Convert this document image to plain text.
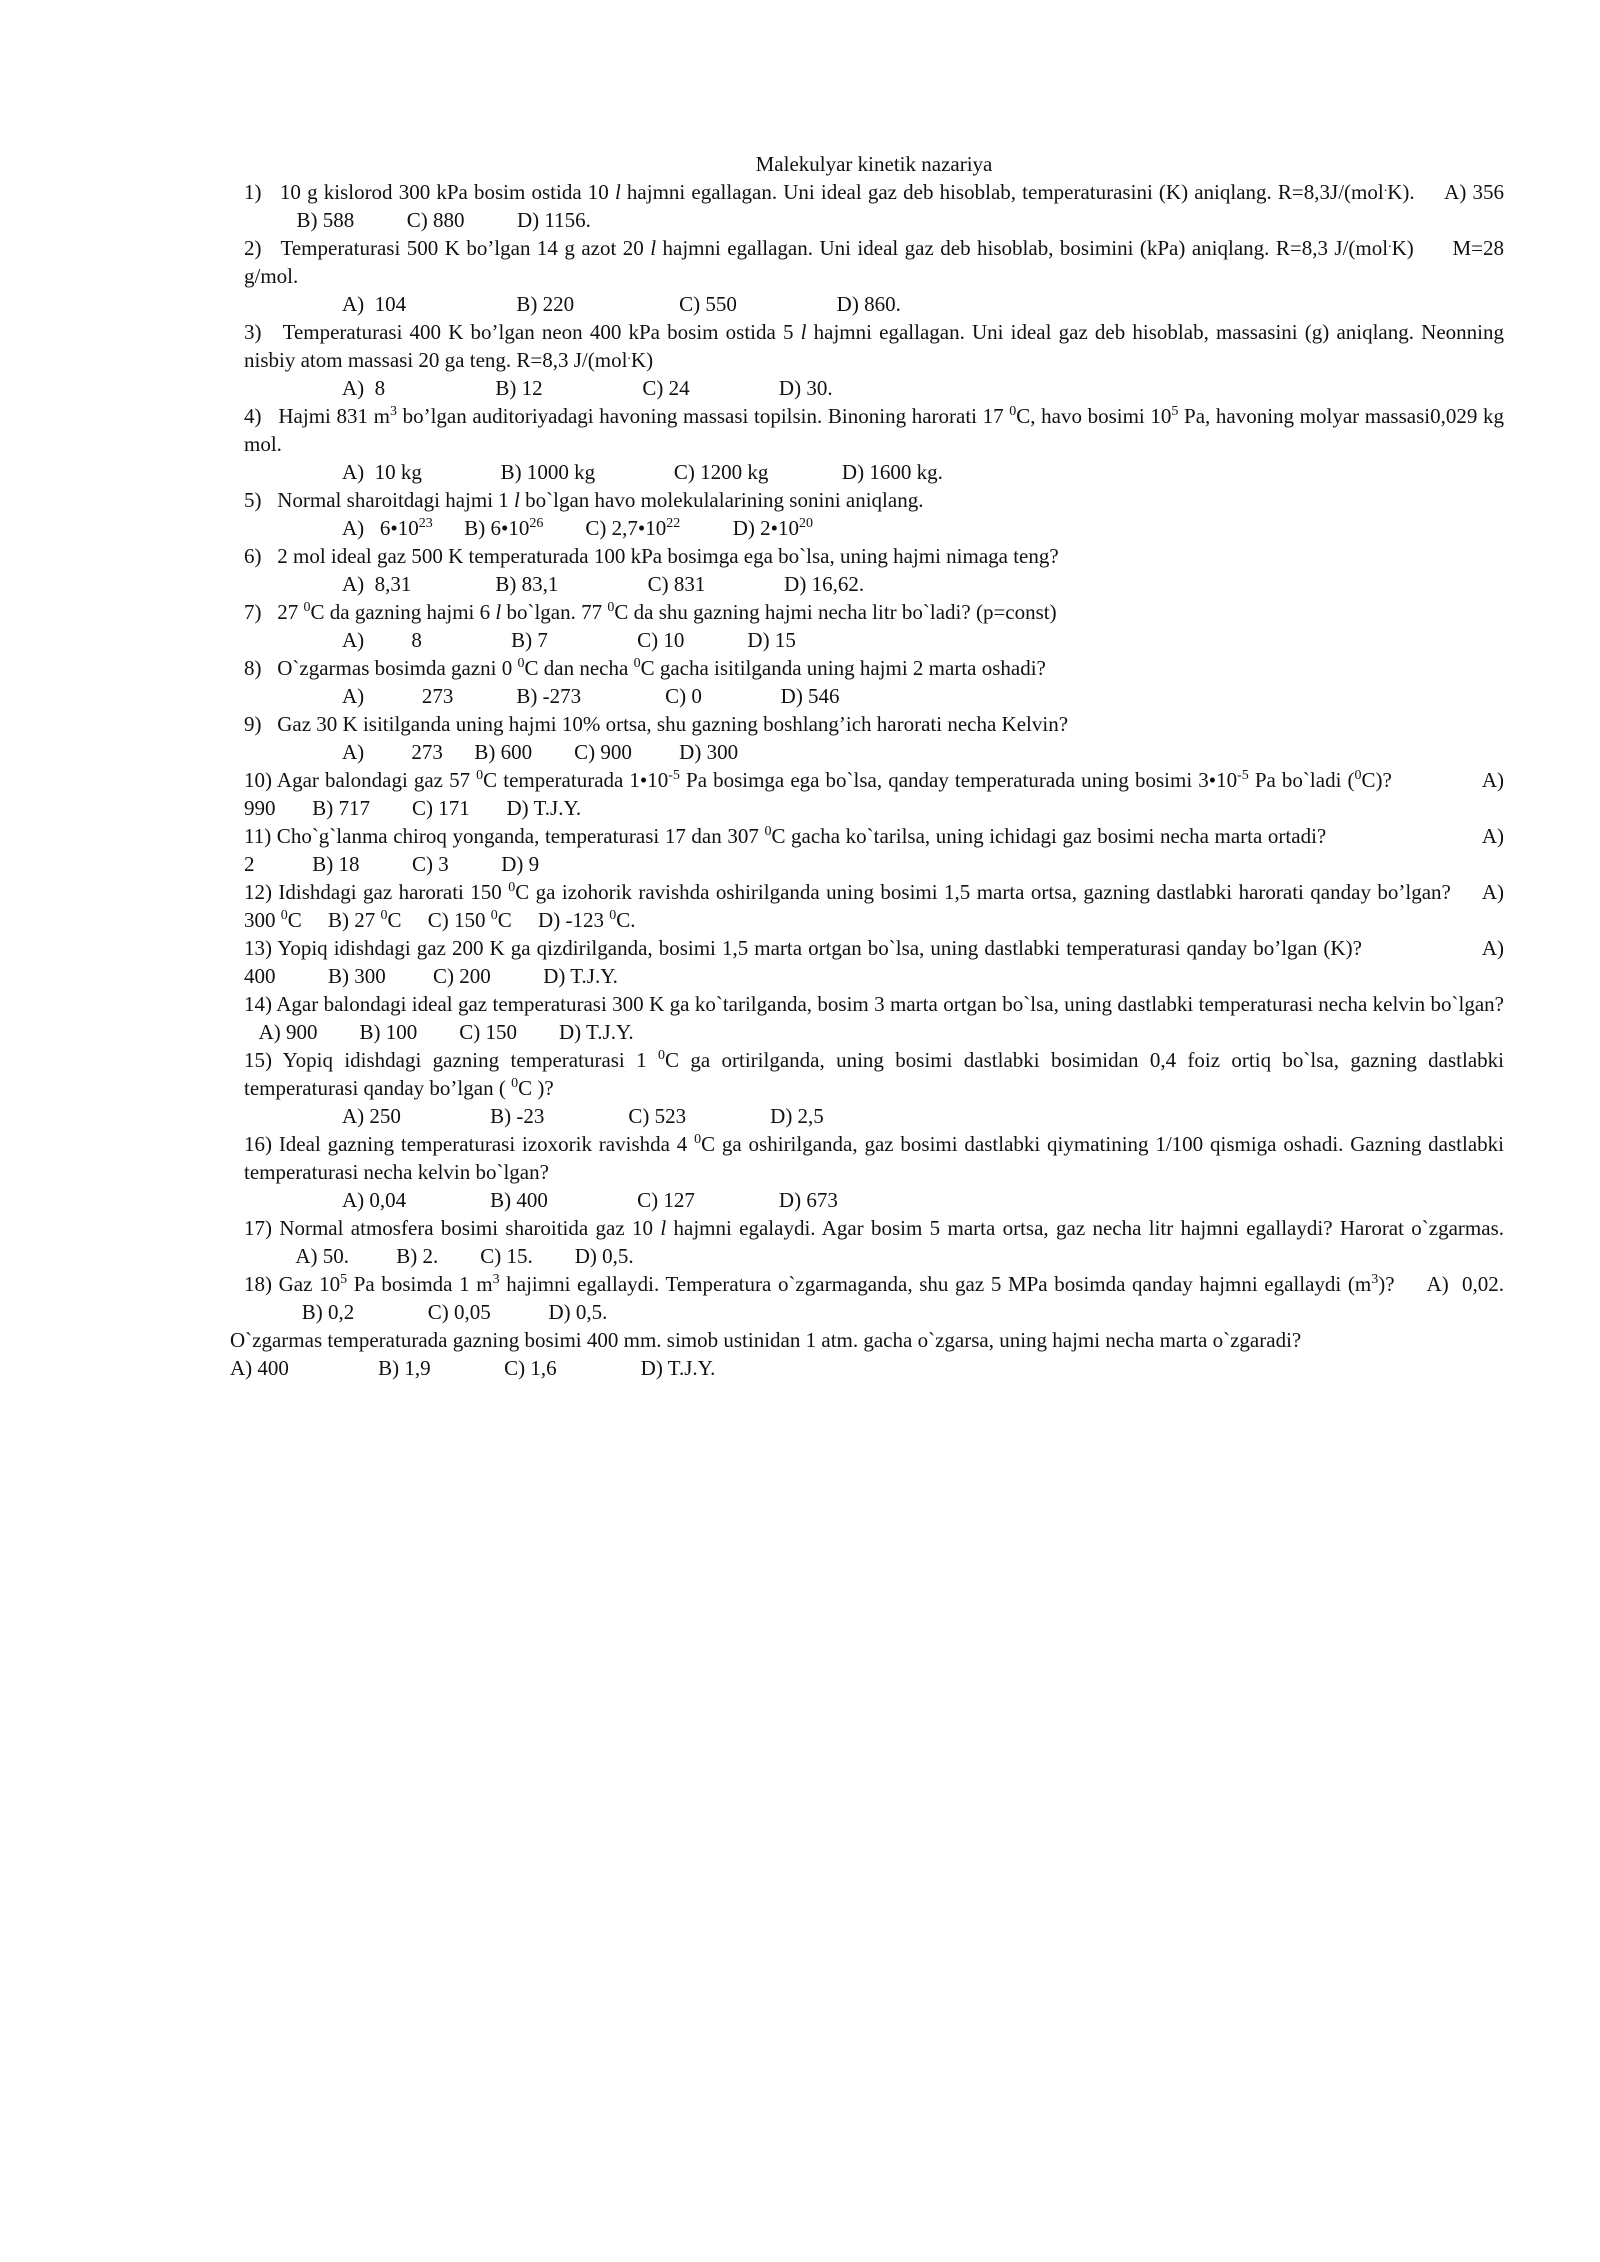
Malekulyar kinetik nazariya

1)   10 g kislorod 300 kPa bosim ostida 10 l hajmni egallagan. Uni ideal gaz deb hisoblab, temperaturasini (K) aniqlang. R=8,3J/(mol.K).     A) 356           B) 588          C) 880          D) 1156.

2)   Temperaturasi 500 K bo’lgan 14 g azot 20 l hajmni egallagan. Uni ideal gaz deb hisoblab, bosimini (kPa) aniqlang. R=8,3 J/(mol.K)      M=28 g/mol.

A)  104                     B) 220                    C) 550                   D) 860.

3)   Temperaturasi 400 K bo’lgan neon 400 kPa bosim ostida 5 l hajmni egallagan. Uni ideal gaz deb hisoblab, massasini (g) aniqlang. Neonning nisbiy atom massasi 20 ga teng. R=8,3 J/(mol.K)

A)  8                     B) 12                   C) 24                 D) 30.

4)   Hajmi 831 $m^3$ bo’lgan auditoriyadagi havoning massasi topilsin. Binoning harorati 17 $^0$C, havo bosimi $10^5$ Pa, havoning molyar massasi0,029 kg mol.

A)  10 kg               B) 1000 kg               C) 1200 kg              D) 1600 kg.

5)   Normal sharoitdagi hajmi 1 l bo`lgan havo molekulalarining sonini aniqlang.

A)   $6•10^{23}$      B) $6•10^{26}$        C) $2,7•10^{22}$          D) $2•10^{20}$

6)   2 mol ideal gaz 500 K temperaturada 100 kPa bosimga ega bo`lsa, uning hajmi nimaga teng?

A)  8,31                B) 83,1                 C) 831               D) 16,62.

7)   27 $^0$C da gazning hajmi 6 l bo`lgan. 77 $^0$C da shu gazning hajmi necha litr bo`ladi? (p=const)

A)         8                 B) 7                 C) 10            D) 15

8)   O`zgarmas bosimda gazni 0 $^0$C dan necha $^0$C gacha isitilganda uning hajmi 2 marta oshadi?

A)           273            B) -273                C) 0               D) 546

9)   Gaz 30 K isitilganda uning hajmi 10% ortsa, shu gazning boshlang’ich harorati necha Kelvin?

A)         273      B) 600        C) 900         D) 300

10) Agar balondagi gaz 57 $^0$C temperaturada $1•10^{-5}$ Pa bosimga ega bo`lsa, qanday temperaturada uning bosimi $3•10^{-5}$ Pa bo`ladi ($^0$C)?               A) 990       B) 717        C) 171       D) T.J.Y.

11) Cho`g`lanma chiroq yonganda, temperaturasi 17 dan 307 $^0$C gacha ko`tarilsa, uning ichidagi gaz bosimi necha marta ortadi?                            A) 2           B) 18          C) 3          D) 9

12) Idishdagi gaz harorati 150 $^0$C ga izohorik ravishda oshirilganda uning bosimi 1,5 marta ortsa, gazning dastlabki harorati qanday bo’lgan?     A) 300 $^0$C     B) 27 $^0$C     C) 150 $^0$C     D) -123 $^0$C.

13) Yopiq idishdagi gaz 200 K ga qizdirilganda, bosimi 1,5 marta ortgan bo`lsa, uning dastlabki temperaturasi qanday bo’lgan (K)?                    A) 400          B) 300         C) 200          D) T.J.Y.

14) Agar balondagi ideal gaz temperaturasi 300 K ga ko`tarilganda, bosim 3 marta ortgan bo`lsa, uning dastlabki temperaturasi necha kelvin bo`lgan?    A) 900        B) 100        C) 150        D) T.J.Y.

15) Yopiq idishdagi gazning temperaturasi 1 $^0$C ga ortirilganda, uning bosimi dastlabki bosimidan 0,4 foiz ortiq bo`lsa, gazning dastlabki temperaturasi qanday bo’lgan ( $^0$C )?

A) 250                 B) -23                C) 523                D) 2,5

16) Ideal gazning temperaturasi izoxorik ravishda 4 $^0$C ga oshirilganda, gaz bosimi dastlabki qiymatining 1/100 qismiga oshadi. Gazning dastlabki temperaturasi necha kelvin bo`lgan?

A) 0,04                B) 400                 C) 127                D) 673

17) Normal atmosfera bosimi sharoitida gaz 10 l hajmni egalaydi. Agar bosim 5 marta ortsa, gaz necha litr hajmni egallaydi? Harorat o`zgarmas.           A) 50.         B) 2.        C) 15.        D) 0,5.

18) Gaz $10^5$ Pa bosimda 1 $m^3$ hajimni egallaydi. Temperatura o`zgarmaganda, shu gaz 5 MPa bosimda qanday hajmni egallaydi $(m^3)$?     A)  0,02.            B) 0,2              C) 0,05           D) 0,5.

O`zgarmas temperaturada gazning bosimi 400 mm. simob ustinidan 1 atm. gacha o`zgarsa, uning hajmi necha marta o`zgaradi?

A) 400                 B) 1,9              C) 1,6                D) T.J.Y.
